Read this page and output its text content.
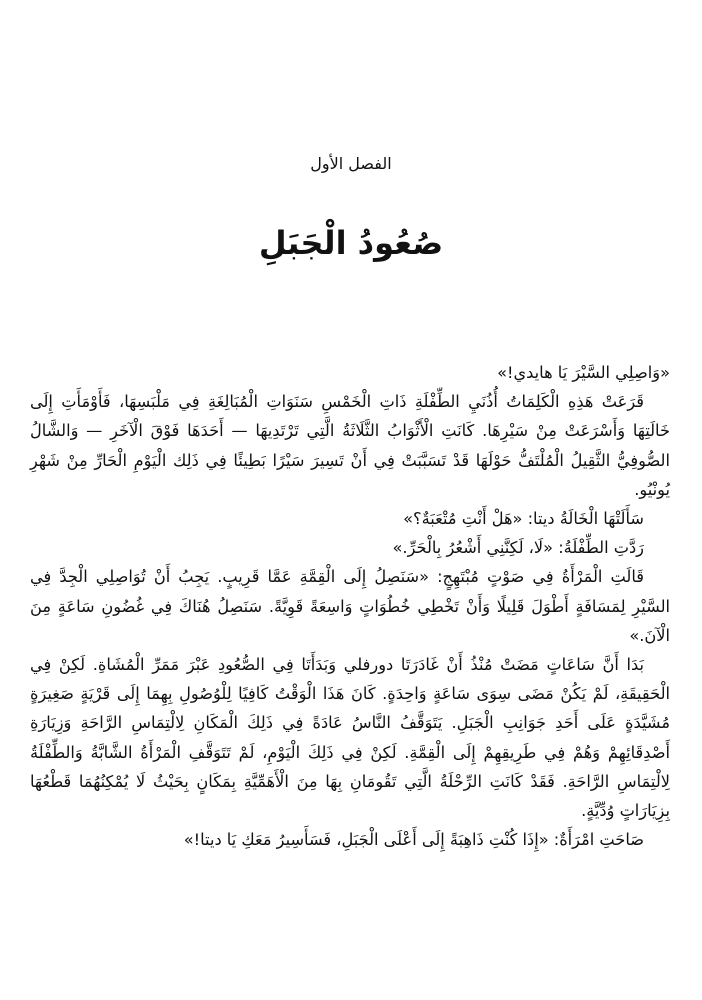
الفصل الأول
صُعُودُ الْجَبَلِ

«وَاصِلِي السَّيْرَ يَا هايدي!»

قَرَعَتْ هَذِهِ الْكَلِمَاتُ أُذُنَيِ الطِّفْلَةِ ذَاتِ الْخَمْسِ سَنَوَاتِ الْمُبَالِغَةِ فِي مَلْبَسِهَا، فَأَوْمَأَتِ إِلَى خَالَتِهَا وَأَسْرَعَتْ مِنْ سَيْرِهَا. كَانَتِ الْأَثْوَابُ الثَّلَاثَةُ الَّتِي تَرْتَدِيهَا — أَحَدَهَا فَوْقَ الْآخَرِ — وَالشَّالُ الصُّوفِيُّ الثَّقِيلُ الْمُلْتَفُّ حَوْلَهَا قَدْ تَسَبَّبَتْ فِي أَنْ تَسِيرَ سَيْرًا بَطِيئًا فِي ذَلِك الْيَوْمِ الْحَارِّ مِنْ شَهْرِ يُونْيُو.

سَأَلَتْهَا الْخَالَةُ ديتا: «هَلْ أَنْتِ مُتْعَبَةٌ؟»

رَدَّتِ الطِّفْلَةُ: «لَا، لَكِنَّنِي أَشْعُرُ بِالْحَرِّ.»

قَالَتِ الْمَرْأَةُ فِي صَوْتٍ مُبْتَهِجٍ: «سَنَصِلُ إِلَى الْقِمَّةِ عَمَّا قَرِيبٍ. يَجِبُ أَنْ تُوَاصِلِي الْجِدَّ فِي السَّيْرِ لِمَسَافَةٍ أَطْوَلَ قَلِيلًا وَأَنْ تَخْطِي خُطُوَاتٍ وَاسِعَةً قَوِيَّةً. سَنَصِلُ هُنَاكَ فِي غُضُونِ سَاعَةٍ مِنَ الْآنَ.»

بَدَا أَنَّ سَاعَاتٍ مَضَتْ مُنْذُ أَنْ غَادَرَتَا دورفلي وَبَدَأَتَا فِي الصُّعُودِ عَبْرَ مَمَرِّ الْمُشَاةِ. لَكِنْ فِي الْحَقِيقَةِ، لَمْ يَكُنْ مَضَى سِوَى سَاعَةٍ وَاحِدَةٍ. كَانَ هَذَا الْوَقْتُ كَافِيًا لِلْوُصُولِ بِهِمَا إِلَى قَرْيَةٍ صَغِيرَةٍ مُشَيَّدَةٍ عَلَى أَحَدِ جَوَانِبِ الْجَبَلِ. يَتَوَقَّفُ النَّاسُ عَادَةً فِي ذَلِكَ الْمَكَانِ لِالْتِمَاسِ الرَّاحَةِ وَزِيَارَةِ أَصْدِقَائِهِمْ وَهُمْ فِي طَرِيقِهِمْ إِلَى الْقِمَّةِ. لَكِنْ فِي ذَلِكَ الْيَوْمِ، لَمْ تَتَوَقَّفِ الْمَرْأَةُ الشَّابَّةُ وَالطِّفْلَةُ لِالْتِمَاسِ الرَّاحَةِ. فَقَدْ كَانَتِ الرِّحْلَةُ الَّتِي تَقُومَانِ بِهَا مِنَ الْأَهَمِّيَّةِ بِمَكَانٍ بِحَيْثُ لَا يُمْكِنُهُمَا قَطْعُهَا بِزِيَارَاتٍ وُدِّيَّةٍ.

صَاحَتِ امْرَأَةٌ: «إِذَا كُنْتِ ذَاهِبَةً إِلَى أَعْلَى الْجَبَلِ، فَسَأَسِيرُ مَعَكِ يَا ديتا!»
